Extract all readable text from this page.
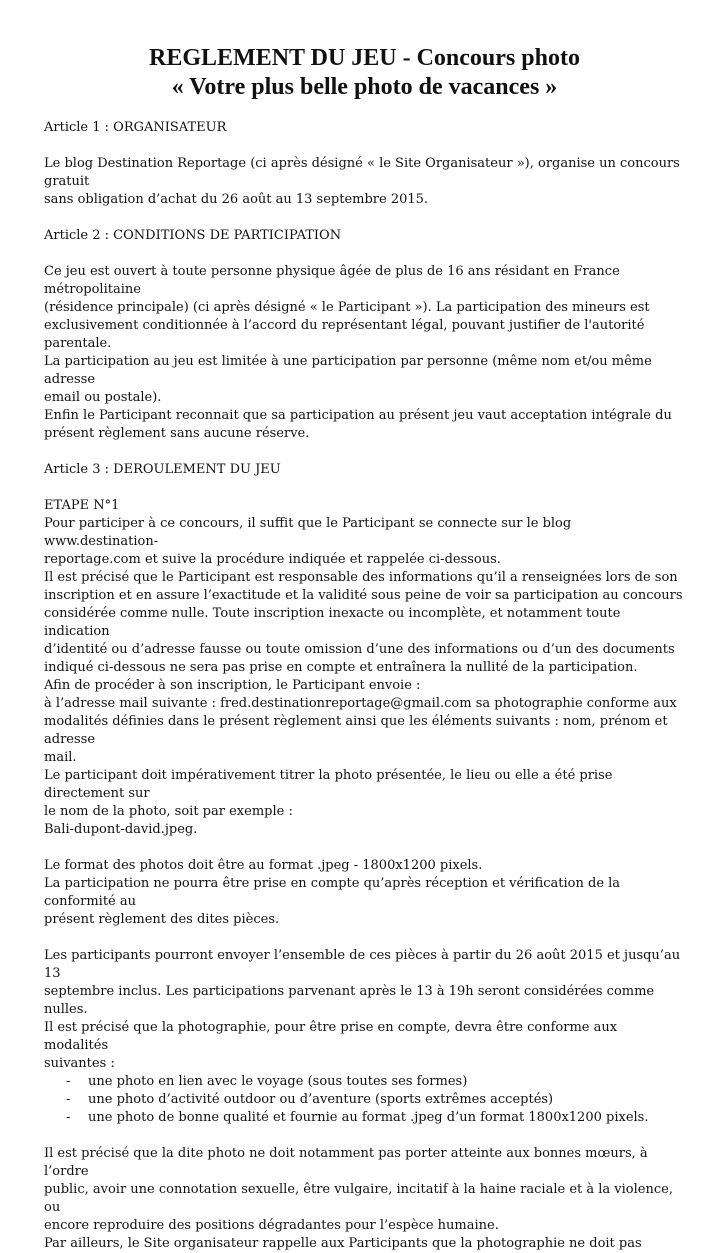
REGLEMENT DU JEU - Concours photo
« Votre plus belle photo de vacances »

Article 1 : ORGANISATEUR

Le blog Destination Reportage (ci après désigné « le Site Organisateur »), organise un concours gratuit
sans obligation d’achat du 26 août au 13 septembre 2015.

Article 2 : CONDITIONS DE PARTICIPATION

Ce jeu est ouvert à toute personne physique âgée de plus de 16 ans résidant en France métropolitaine
(résidence principale) (ci après désigné « le Participant »). La participation des mineurs est
exclusivement conditionnée à l’accord du représentant légal, pouvant justifier de l'autorité parentale.
La participation au jeu est limitée à une participation par personne (même nom et/ou même adresse
email ou postale).
Enfin le Participant reconnait que sa participation au présent jeu vaut acceptation intégrale du
présent règlement sans aucune réserve.

Article 3 : DEROULEMENT DU JEU

ETAPE N°1

Pour participer à ce concours, il suffit que le Participant se connecte sur le blog www.destination-
reportage.com et suive la procédure indiquée et rappelée ci-dessous.
Il est précisé que le Participant est responsable des informations qu’il a renseignées lors de son
inscription et en assure l’exactitude et la validité sous peine de voir sa participation au concours
considérée comme nulle. Toute inscription inexacte ou incomplète, et notamment toute indication
d’identité ou d’adresse fausse ou toute omission d’une des informations ou d’un des documents
indiqué ci-dessous ne sera pas prise en compte et entraînera la nullité de la participation.
Afin de procéder à son inscription, le Participant envoie :
à l’adresse mail suivante : fred.destinationreportage@gmail.com sa photographie conforme aux
modalités définies dans le présent règlement ainsi que les éléments suivants : nom, prénom et adresse
mail.
Le participant doit impérativement titrer la photo présentée, le lieu ou elle a été prise directement sur
le nom de la photo, soit par exemple :
Bali-dupont-david.jpeg.

Le format des photos doit être au format .jpeg - 1800x1200 pixels.
La participation ne pourra être prise en compte qu’après réception et vérification de la conformité au
présent règlement des dites pièces.

Les participants pourront envoyer l’ensemble de ces pièces à partir du 26 août 2015 et jusqu’au 13
septembre inclus. Les participations parvenant après le 13 à 19h seront considérées comme nulles.
Il est précisé que la photographie, pour être prise en compte, devra être conforme aux modalités
suivantes :

- une photo en lien avec le voyage (sous toutes ses formes)
- une photo d’activité outdoor ou d’aventure (sports extrêmes acceptés)
- une photo de bonne qualité et fournie au format .jpeg d’un format 1800x1200 pixels.

Il est précisé que la dite photo ne doit notamment pas porter atteinte aux bonnes mœurs, à l’ordre
public, avoir une connotation sexuelle, être vulgaire, incitatif à la haine raciale et à la violence, ou
encore reproduire des positions dégradantes pour l’espèce humaine.
Par ailleurs, le Site organisateur rappelle aux Participants que la photographie ne doit pas
